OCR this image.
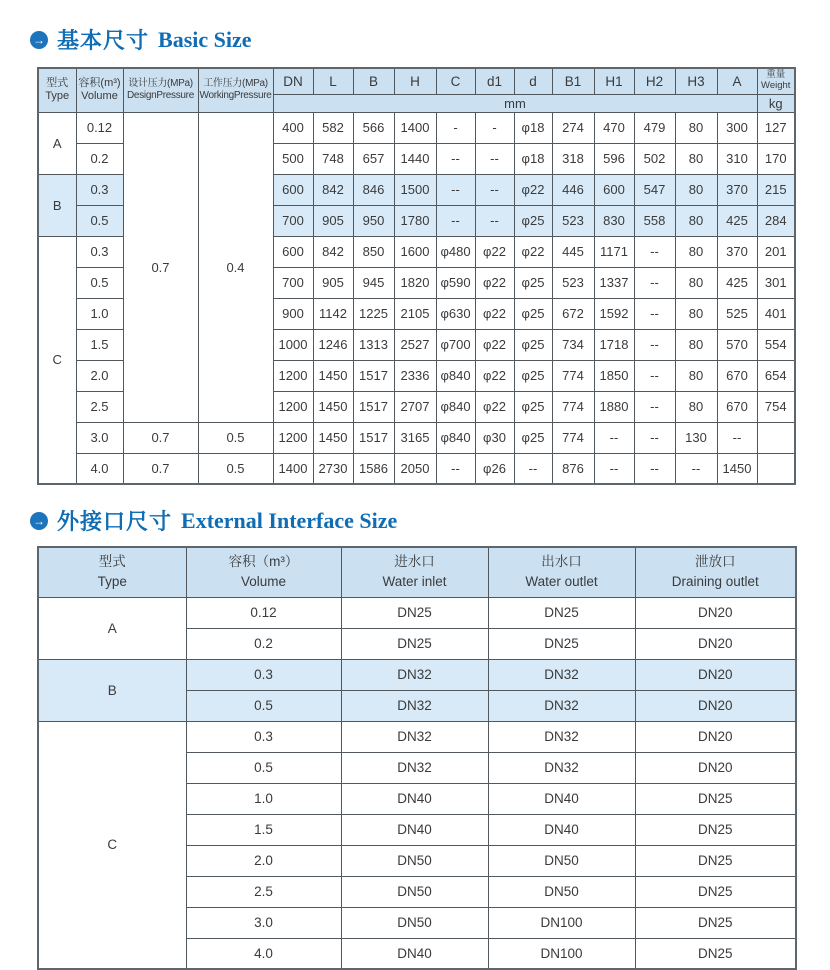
→ 基本尺寸 Basic Size
型式
Type

容积(m³)
Volume

设计压力(MPa)
DesignPressure

工作压力(MPa)
WorkingPressure
	DN	L	B	H	C	d1	d	B1	H1	H2	H3	A	重量
Weight

				mm												kg
A	0.12	0.7	0.4	400	582	566	1400	-	-	φ18	274	470	479	80	300	127
	0.2			500	748	657	1440	--	--	φ18	318	596	502	80	310	170
B	0.3			600	842	846	1500	--	--	φ22	446	600	547	80	370	215
	0.5			700	905	950	1780	--	--	φ25	523	830	558	80	425	284
C	0.3			600	842	850	1600	φ480	φ22	φ22	445	1171	--	80	370	201
	0.5			700	905	945	1820	φ590	φ22	φ25	523	1337	--	80	425	301
	1.0			900	1142	1225	2105	φ630	φ22	φ25	672	1592	--	80	525	401
	1.5			1000	1246	1313	2527	φ700	φ22	φ25	734	1718	--	80	570	554
	2.0			1200	1450	1517	2336	φ840	φ22	φ25	774	1850	--	80	670	654
	2.5			1200	1450	1517	2707	φ840	φ22	φ25	774	1880	--	80	670	754
	3.0	0.7	0.5	1200	1450	1517	3165	φ840	φ30	φ25	774	--	--	130	--	
	4.0	0.7	0.5	1400	2730	1586	2050	--	φ26	--	876	--	--	--	1450	
→ 外接口尺寸 External Interface Size
型式
Type

容积（m³）
Volume

进水口
Water inlet

出水口
Water outlet

泄放口
Draining outlet

A	0.12	DN25	DN25	DN20
	0.2	DN25	DN25	DN20
B	0.3	DN32	DN32	DN20
	0.5	DN32	DN32	DN20
C	0.3	DN32	DN32	DN20
	0.5	DN32	DN32	DN20
	1.0	DN40	DN40	DN25
	1.5	DN40	DN40	DN25
	2.0	DN50	DN50	DN25
	2.5	DN50	DN50	DN25
	3.0	DN50	DN100	DN25
	4.0	DN40	DN100	DN25
